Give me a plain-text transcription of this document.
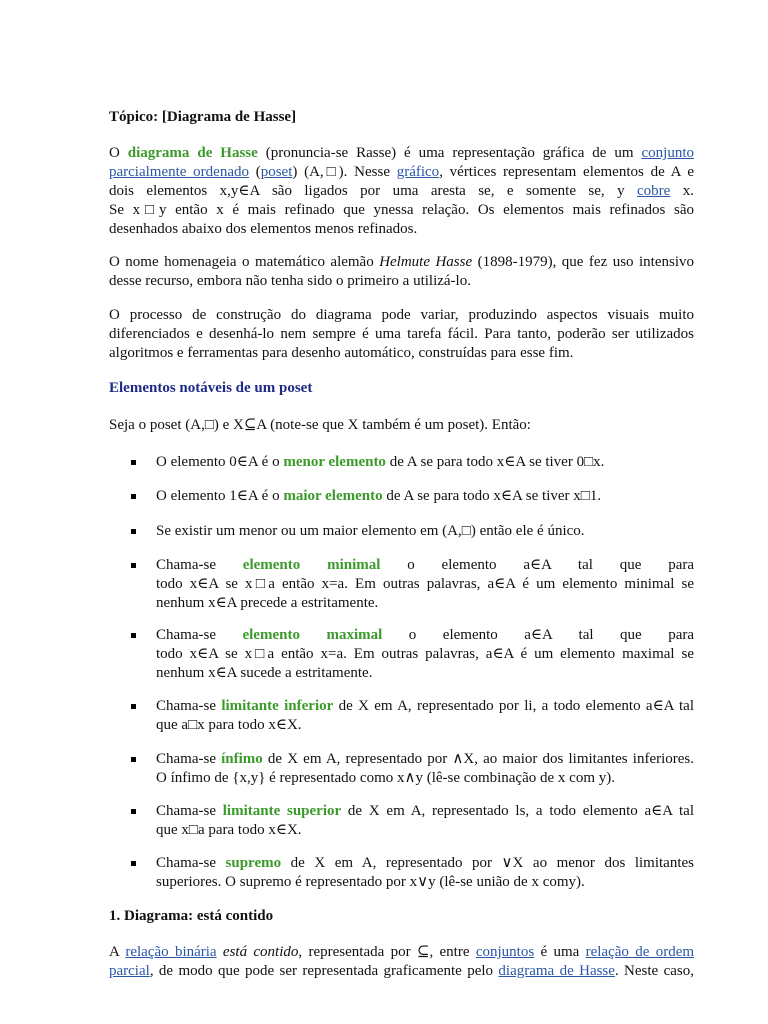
Tópico: [Diagrama de Hasse]
O diagrama de Hasse (pronuncia-se Rasse) é uma representação gráfica de um conjunto
parcialmente ordenado (poset) (A,□). Nesse gráfico, vértices representam elementos de A e
dois elementos x,y∈A são ligados por uma aresta se, e somente se, y cobre x.
Se x□y então x é mais refinado que ynessa relação. Os elementos mais refinados são
desenhados abaixo dos elementos menos refinados.
O nome homenageia o matemático alemão Helmute Hasse (1898-1979), que fez uso intensivo
desse recurso, embora não tenha sido o primeiro a utilizá-lo.
O processo de construção do diagrama pode variar, produzindo aspectos visuais muito
diferenciados e desenhá-lo nem sempre é uma tarefa fácil. Para tanto, poderão ser utilizados
algoritmos e ferramentas para desenho automático, construídas para esse fim.
Elementos notáveis de um poset
Seja o poset (A,□) e X⊆A (note-se que X também é um poset). Então:
O elemento 0∈A é o menor elemento de A se para todo x∈A se tiver 0□x.
O elemento 1∈A é o maior elemento de A se para todo x∈A se tiver x□1.
Se existir um menor ou um maior elemento em (A,□) então ele é único.
Chama-se elemento minimal o elemento a∈A tal que para
todo x∈A se x□a então x=a. Em outras palavras, a∈A é um elemento minimal se
nenhum x∈A precede a estritamente.
Chama-se elemento maximal o elemento a∈A tal que para
todo x∈A se x□a então x=a. Em outras palavras, a∈A é um elemento maximal se
nenhum x∈A sucede a estritamente.
Chama-se limitante inferior de X em A, representado por li, a todo elemento a∈A tal
que a□x para todo x∈X.
Chama-se ínfimo de X em A, representado por ∧X, ao maior dos limitantes inferiores.
O ínfimo de {x,y} é representado como x∧y (lê-se combinação de x com y).
Chama-se limitante superior de X em A, representado ls, a todo elemento a∈A tal
que x□a para todo x∈X.
Chama-se supremo de X em A, representado por ∨X ao menor dos limitantes
superiores. O supremo é representado por x∨y (lê-se união de x comy).
1. Diagrama: está contido
A relação binária está contido, representada por ⊆, entre conjuntos é uma relação de ordem
parcial, de modo que pode ser representada graficamente pelo diagrama de Hasse. Neste caso,
